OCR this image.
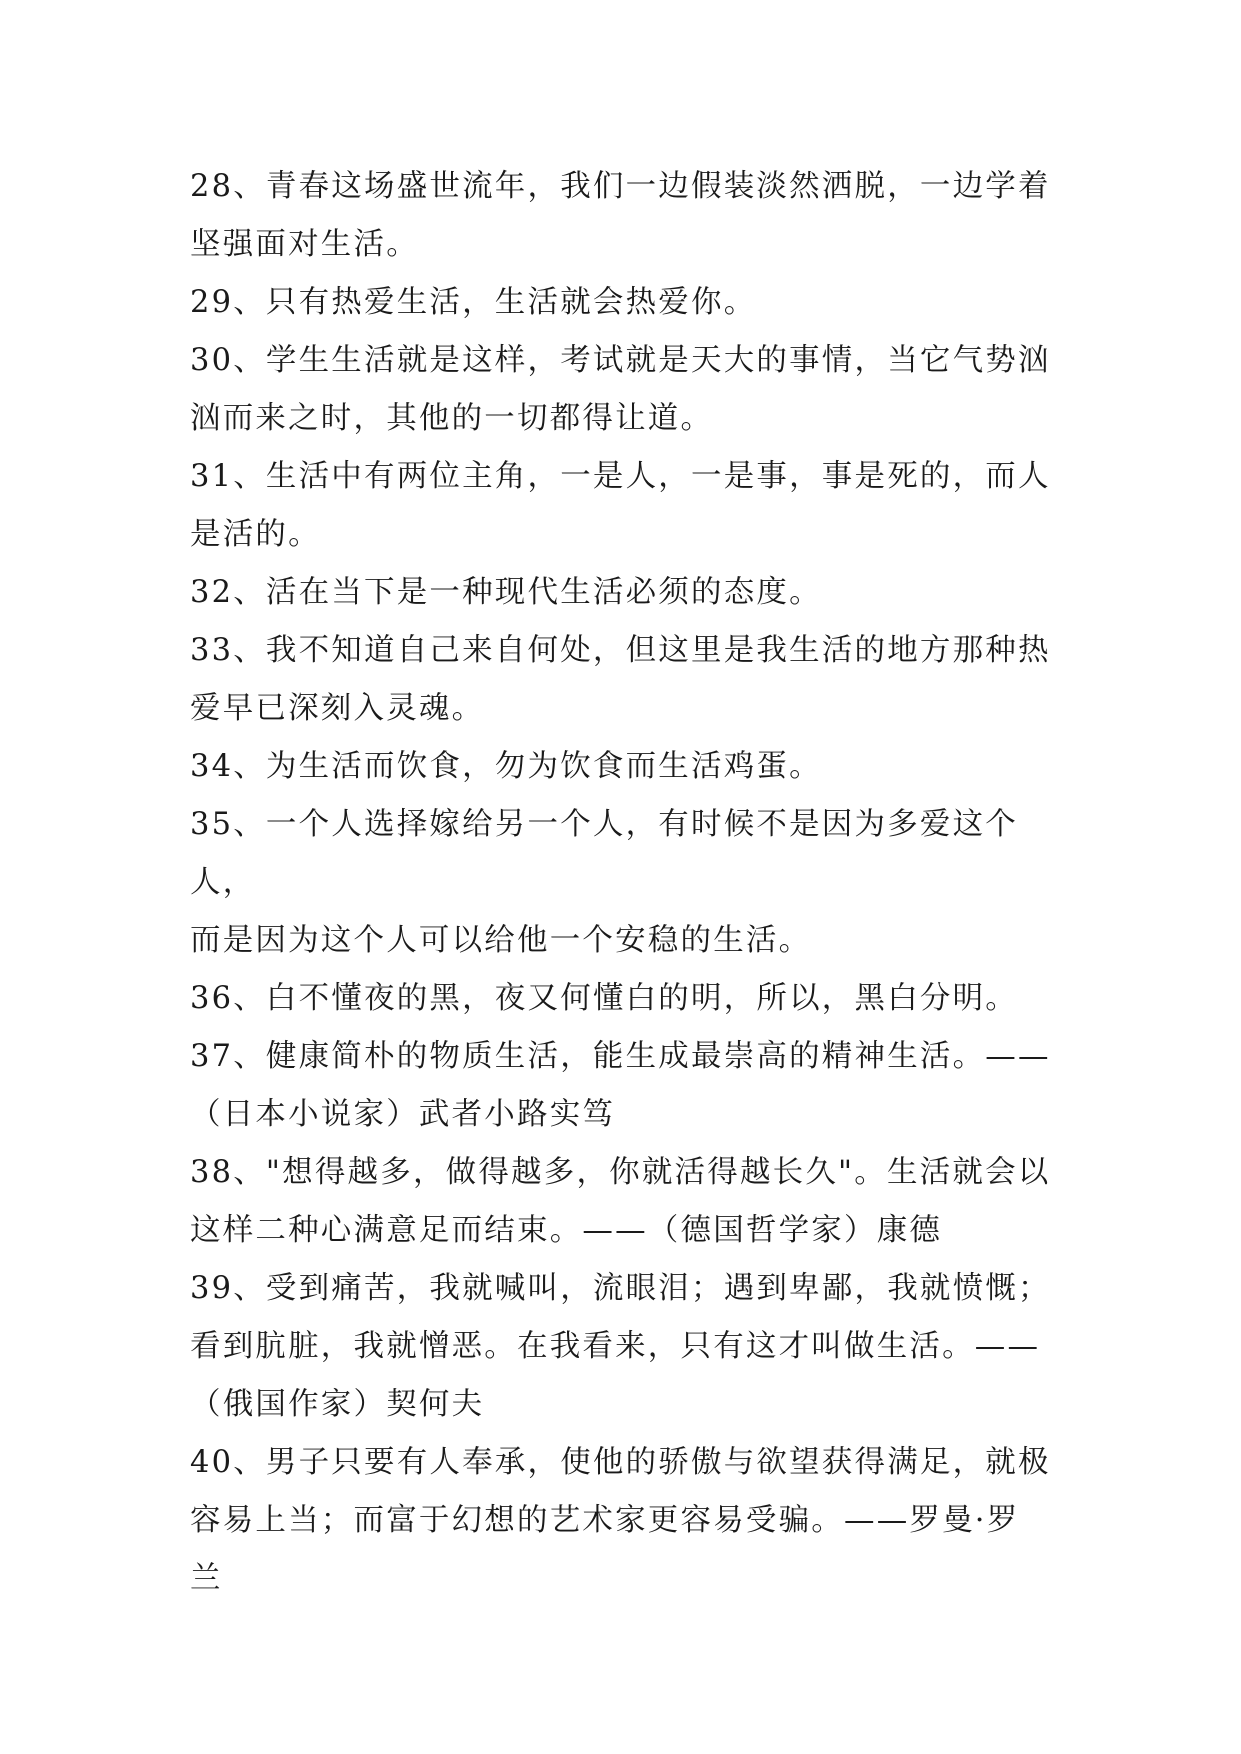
28、青春这场盛世流年，我们一边假装淡然洒脱，一边学着
坚强面对生活。

29、只有热爱生活，生活就会热爱你。

30、学生生活就是这样，考试就是天大的事情，当它气势汹
汹而来之时，其他的一切都得让道。

31、生活中有两位主角，一是人，一是事，事是死的，而人
是活的。

32、活在当下是一种现代生活必须的态度。

33、我不知道自己来自何处，但这里是我生活的地方那种热
爱早已深刻入灵魂。

34、为生活而饮食，勿为饮食而生活鸡蛋。

35、一个人选择嫁给另一个人，有时候不是因为多爱这个人，
而是因为这个人可以给他一个安稳的生活。

36、白不懂夜的黑，夜又何懂白的明，所以，黑白分明。

37、健康简朴的物质生活，能生成最崇高的精神生活。——
（日本小说家）武者小路实笃

38、"想得越多，做得越多，你就活得越长久"。生活就会以
这样二种心满意足而结束。——（德国哲学家）康德

39、受到痛苦，我就喊叫，流眼泪；遇到卑鄙，我就愤慨；
看到肮脏，我就憎恶。在我看来，只有这才叫做生活。——
（俄国作家）契何夫

40、男子只要有人奉承，使他的骄傲与欲望获得满足，就极
容易上当；而富于幻想的艺术家更容易受骗。——罗曼·罗
兰
